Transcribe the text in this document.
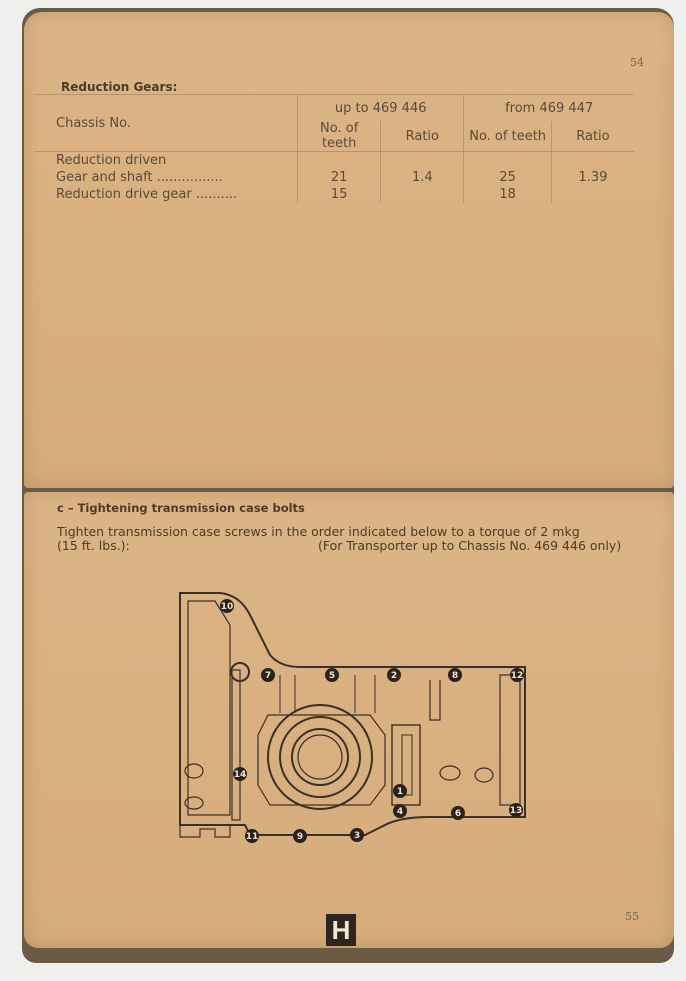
54
Reduction Gears:
Chassis No.	up to 469 446		from 469 447	
	No. of teeth	Ratio	No. of teeth	Ratio
Reduction driven				
Gear and shaft ................	21	1.4	25	1.39
Reduction drive gear ..........	15		18	
c – Tightening transmission case bolts
Tighten transmission case screws in the order indicated below to a torque of 2 mkg
(15 ft. lbs.):	(For Transporter up to Chassis No. 469 446 only)
10
7	5	2	8	12
14
1
4	6	13
11	9	3
55
H
